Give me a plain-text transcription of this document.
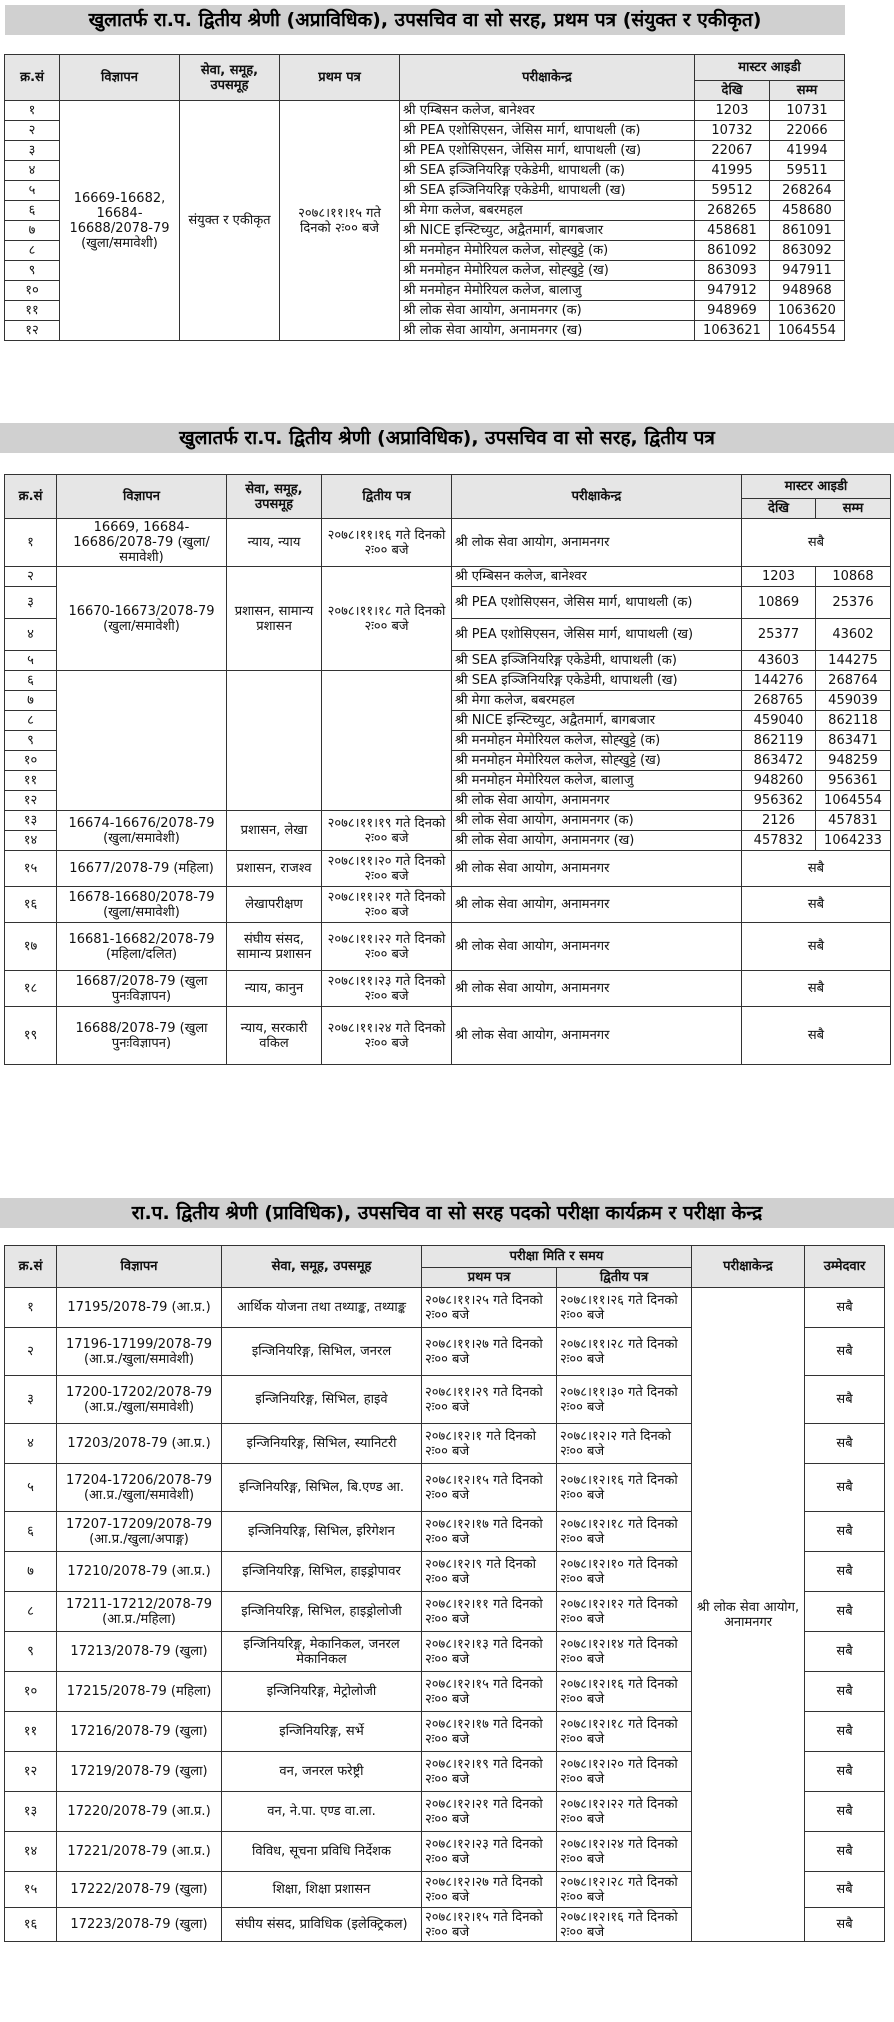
खुलातर्फ रा.प. द्वितीय श्रेणी (अप्राविधिक), उपसचिव वा सो सरह, प्रथम पत्र (संयुक्त र एकीकृत)
क्र.सं	विज्ञापन	सेवा, समूह, उपसमूह	प्रथम पत्र	परीक्षाकेन्द्र	मास्टर आइडी	
					देखि	सम्म
१	16669-16682, 16684-16688/2078-79 (खुला/समावेशी)	संयुक्त र एकीकृत	२०७८।११।१५ गते दिनको २ः०० बजे	श्री एम्बिसन कलेज, बानेश्वर	1203	10731
२				श्री PEA एशोसिएसन, जेसिस मार्ग, थापाथली (क)	10732	22066
३				श्री PEA एशोसिएसन, जेसिस मार्ग, थापाथली (ख)	22067	41994
४				श्री SEA इञ्जिनियरिङ्ग एकेडेमी, थापाथली (क)	41995	59511
५				श्री SEA इञ्जिनियरिङ्ग एकेडेमी, थापाथली (ख)	59512	268264
६				श्री मेगा कलेज, बबरमहल	268265	458680
७				श्री NICE इन्स्टिच्युट, अद्वैतमार्ग, बागबजार	458681	861091
८				श्री मनमोहन मेमोरियल कलेज, सोह्खुट्टे (क)	861092	863092
९				श्री मनमोहन मेमोरियल कलेज, सोह्खुट्टे (ख)	863093	947911
१०				श्री मनमोहन मेमोरियल कलेज, बालाजु	947912	948968
११				श्री लोक सेवा आयोग, अनामनगर (क)	948969	1063620
१२				श्री लोक सेवा आयोग, अनामनगर (ख)	1063621	1064554
खुलातर्फ रा.प. द्वितीय श्रेणी (अप्राविधिक), उपसचिव वा सो सरह, द्वितीय पत्र
क्र.सं	विज्ञापन	सेवा, समूह, उपसमूह	द्वितीय पत्र	परीक्षाकेन्द्र	मास्टर आइडी	
					देखि	सम्म
१	16669, 16684-16686/2078-79 (खुला/समावेशी)	न्याय, न्याय	२०७८।११।१६ गते दिनको २ः०० बजे	श्री लोक सेवा आयोग, अनामनगर	सबै	
२	16670-16673/2078-79 (खुला/समावेशी)	प्रशासन, सामान्य प्रशासन	२०७८।११।१८ गते दिनको २ः०० बजे	श्री एम्बिसन कलेज, बानेश्वर	1203	10868
३				श्री PEA एशोसिएसन, जेसिस मार्ग, थापाथली (क)	10869	25376
४				श्री PEA एशोसिएसन, जेसिस मार्ग, थापाथली (ख)	25377	43602
५				श्री SEA इञ्जिनियरिङ्ग एकेडेमी, थापाथली (क)	43603	144275
६				श्री SEA इञ्जिनियरिङ्ग एकेडेमी, थापाथली (ख)	144276	268764
७				श्री मेगा कलेज, बबरमहल	268765	459039
८				श्री NICE इन्स्टिच्युट, अद्वैतमार्ग, बागबजार	459040	862118
९				श्री मनमोहन मेमोरियल कलेज, सोह्खुट्टे (क)	862119	863471
१०				श्री मनमोहन मेमोरियल कलेज, सोह्खुट्टे (ख)	863472	948259
११				श्री मनमोहन मेमोरियल कलेज, बालाजु	948260	956361
१२				श्री लोक सेवा आयोग, अनामनगर	956362	1064554
१३	16674-16676/2078-79 (खुला/समावेशी)	प्रशासन, लेखा	२०७८।११।१९ गते दिनको २ः०० बजे	श्री लोक सेवा आयोग, अनामनगर (क)	2126	457831
१४				श्री लोक सेवा आयोग, अनामनगर (ख)	457832	1064233
१५	16677/2078-79 (महिला)	प्रशासन, राजश्व	२०७८।११।२० गते दिनको २ः०० बजे	श्री लोक सेवा आयोग, अनामनगर	सबै	
१६	16678-16680/2078-79 (खुला/समावेशी)	लेखापरीक्षण	२०७८।११।२१ गते दिनको २ः०० बजे	श्री लोक सेवा आयोग, अनामनगर	सबै	
१७	16681-16682/2078-79 (महिला/दलित)	संघीय संसद, सामान्य प्रशासन	२०७८।११।२२ गते दिनको २ः०० बजे	श्री लोक सेवा आयोग, अनामनगर	सबै	
१८	16687/2078-79 (खुला पुनःविज्ञापन)	न्याय, कानुन	२०७८।११।२३ गते दिनको २ः०० बजे	श्री लोक सेवा आयोग, अनामनगर	सबै	
१९	16688/2078-79 (खुला पुनःविज्ञापन)	न्याय, सरकारी वकिल	२०७८।११।२४ गते दिनको २ः०० बजे	श्री लोक सेवा आयोग, अनामनगर	सबै	
रा.प. द्वितीय श्रेणी (प्राविधिक), उपसचिव वा सो सरह पदको परीक्षा कार्यक्रम र परीक्षा केन्द्र
क्र.सं	विज्ञापन	सेवा, समूह, उपसमूह	परीक्षा मिति र समय		परीक्षाकेन्द्र	उम्मेदवार
			प्रथम पत्र	द्वितीय पत्र		
१	17195/2078-79 (आ.प्र.)	आर्थिक योजना तथा तथ्याङ्क, तथ्याङ्क	२०७८।११।२५ गते दिनको २ः०० बजे	२०७८।११।२६ गते दिनको २ः०० बजे	श्री लोक सेवा आयोग, अनामनगर	सबै
२	17196-17199/2078-79 (आ.प्र./खुला/समावेशी)	इन्जिनियरिङ्ग, सिभिल, जनरल	२०७८।११।२७ गते दिनको २ः०० बजे	२०७८।११।२८ गते दिनको २ः०० बजे		सबै
३	17200-17202/2078-79 (आ.प्र./खुला/समावेशी)	इन्जिनियरिङ्ग, सिभिल, हाइवे	२०७८।११।२९ गते दिनको २ः०० बजे	२०७८।११।३० गते दिनको २ः०० बजे		सबै
४	17203/2078-79 (आ.प्र.)	इन्जिनियरिङ्ग, सिभिल, स्यानिटरी	२०७८।१२।१ गते दिनको २ः०० बजे	२०७८।१२।२ गते दिनको २ः०० बजे		सबै
५	17204-17206/2078-79 (आ.प्र./खुला/समावेशी)	इन्जिनियरिङ्ग, सिभिल, बि.एण्ड आ.	२०७८।१२।१५ गते दिनको २ः०० बजे	२०७८।१२।१६ गते दिनको २ः०० बजे		सबै
६	17207-17209/2078-79 (आ.प्र./खुला/अपाङ्ग)	इन्जिनियरिङ्ग, सिभिल, इरिगेशन	२०७८।१२।१७ गते दिनको २ः०० बजे	२०७८।१२।१८ गते दिनको २ः०० बजे		सबै
७	17210/2078-79 (आ.प्र.)	इन्जिनियरिङ्ग, सिभिल, हाइड्रोपावर	२०७८।१२।९ गते दिनको २ः०० बजे	२०७८।१२।१० गते दिनको २ः०० बजे		सबै
८	17211-17212/2078-79 (आ.प्र./महिला)	इन्जिनियरिङ्ग, सिभिल, हाइड्रोलोजी	२०७८।१२।११ गते दिनको २ः०० बजे	२०७८।१२।१२ गते दिनको २ः०० बजे		सबै
९	17213/2078-79 (खुला)	इन्जिनियरिङ्ग, मेकानिकल, जनरल मेकानिकल	२०७८।१२।१३ गते दिनको २ः०० बजे	२०७८।१२।१४ गते दिनको २ः०० बजे		सबै
१०	17215/2078-79 (महिला)	इन्जिनियरिङ्ग, मेट्रोलोजी	२०७८।१२।१५ गते दिनको २ः०० बजे	२०७८।१२।१६ गते दिनको २ः०० बजे		सबै
११	17216/2078-79 (खुला)	इन्जिनियरिङ्ग, सर्भे	२०७८।१२।१७ गते दिनको २ः०० बजे	२०७८।१२।१८ गते दिनको २ः०० बजे		सबै
१२	17219/2078-79 (खुला)	वन, जनरल फरेष्ट्री	२०७८।१२।१९ गते दिनको २ः०० बजे	२०७८।१२।२० गते दिनको २ः०० बजे		सबै
१३	17220/2078-79 (आ.प्र.)	वन, ने.पा. एण्ड वा.ला.	२०७८।१२।२१ गते दिनको २ः०० बजे	२०७८।१२।२२ गते दिनको २ः०० बजे		सबै
१४	17221/2078-79 (आ.प्र.)	विविध, सूचना प्रविधि निर्देशक	२०७८।१२।२३ गते दिनको २ः०० बजे	२०७८।१२।२४ गते दिनको २ः०० बजे		सबै
१५	17222/2078-79 (खुला)	शिक्षा, शिक्षा प्रशासन	२०७८।१२।२७ गते दिनको २ः०० बजे	२०७८।१२।२८ गते दिनको २ः०० बजे		सबै
१६	17223/2078-79 (खुला)	संघीय संसद, प्राविधिक (इलेक्ट्रिकल)	२०७८।१२।१५ गते दिनको २ः०० बजे	२०७८।१२।१६ गते दिनको २ः०० बजे		सबै
